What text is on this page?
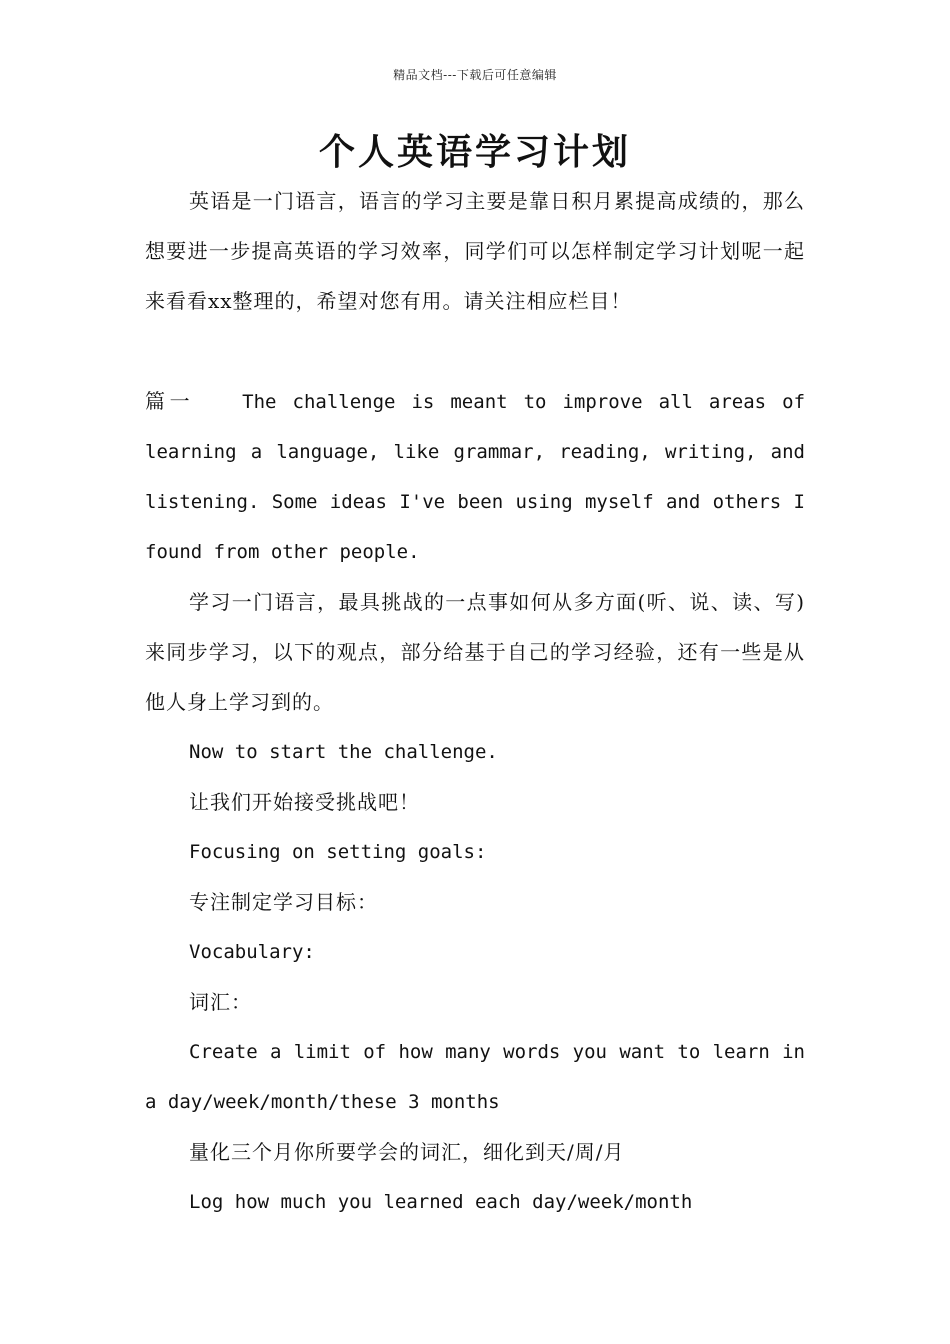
精品文档---下载后可任意编辑
个人英语学习计划

英语是一门语言，语言的学习主要是靠日积月累提高成绩的，那么想要进一步提高英语的学习效率，同学们可以怎样制定学习计划呢一起来看看xx整理的，希望对您有用。请关注相应栏目！

篇一	The challenge is meant to improve all areas of learning a language, like grammar, reading, writing, and listening. Some ideas I've been using myself and others I found from other people.

学习一门语言，最具挑战的一点事如何从多方面(听、说、读、写)来同步学习，以下的观点，部分给基于自己的学习经验，还有一些是从他人身上学习到的。

Now to start the challenge.

让我们开始接受挑战吧！

Focusing on setting goals:

专注制定学习目标：

Vocabulary:

词汇：

Create a limit of how many words you want to learn in a day/week/month/these 3 months

量化三个月你所要学会的词汇，细化到天/周/月

Log how much you learned each day/week/month
